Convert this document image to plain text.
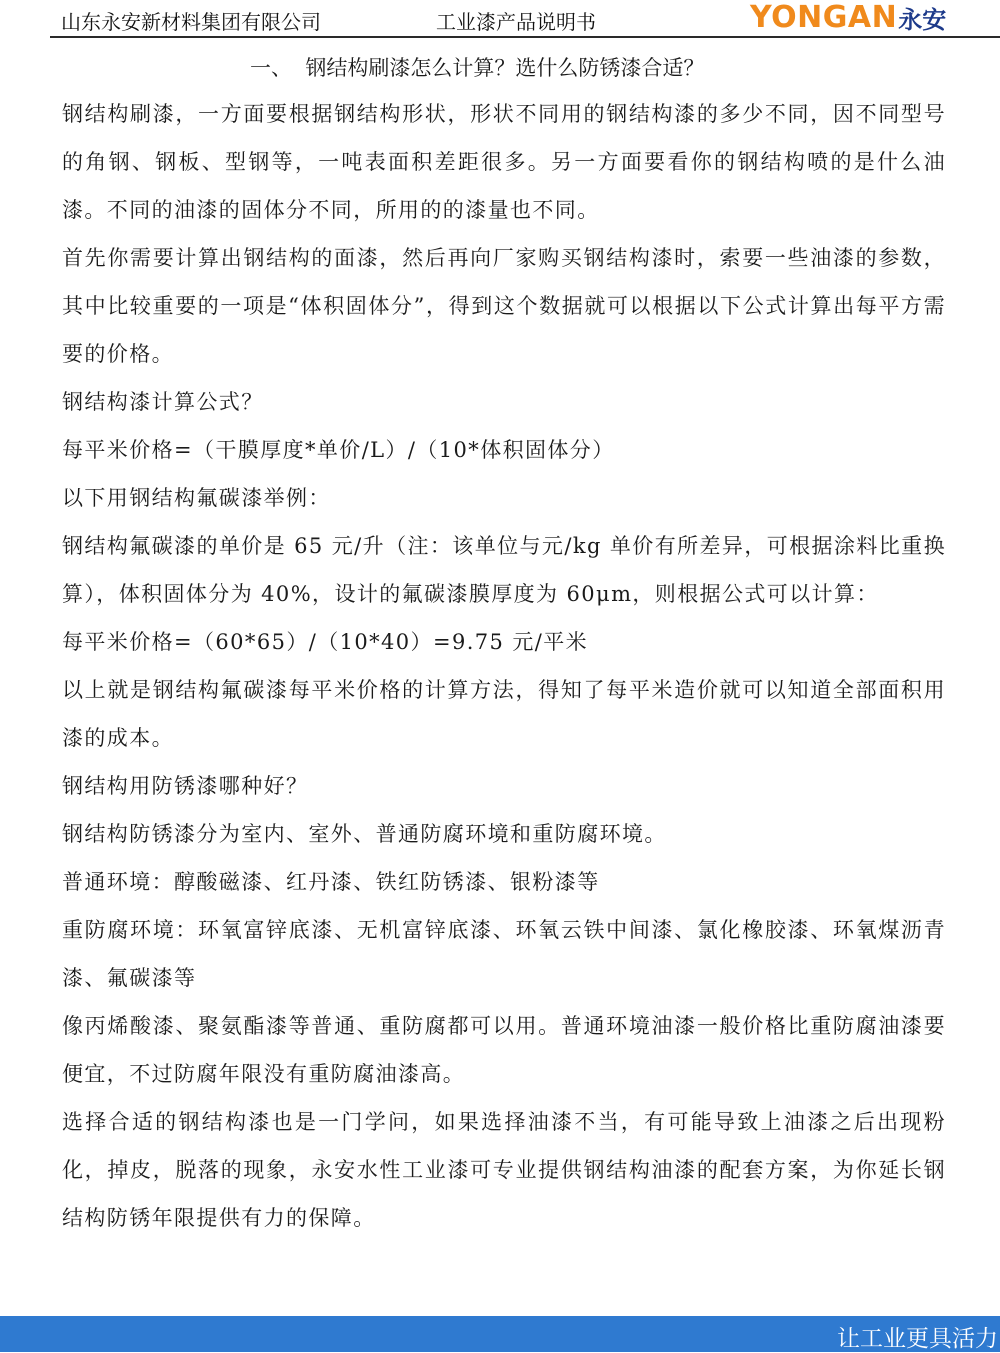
山东永安新材料集团有限公司	工业漆产品说明书	YONGAN 永安
一、  钢结构刷漆怎么计算？选什么防锈漆合适？

钢结构刷漆，一方面要根据钢结构形状，形状不同用的钢结构漆的多少不同，因不同型号的角钢、钢板、型钢等，一吨表面积差距很多。另一方面要看你的钢结构喷的是什么油漆。不同的油漆的固体分不同，所用的的漆量也不同。

首先你需要计算出钢结构的面漆，然后再向厂家购买钢结构漆时，索要一些油漆的参数，其中比较重要的一项是“体积固体分”，得到这个数据就可以根据以下公式计算出每平方需要的价格。

钢结构漆计算公式？

每平米价格=（干膜厚度*单价/L）/（10*体积固体分）

以下用钢结构氟碳漆举例：

钢结构氟碳漆的单价是 65 元/升（注：该单位与元/kg 单价有所差异，可根据涂料比重换算），体积固体分为 40%，设计的氟碳漆膜厚度为 60μm，则根据公式可以计算：

每平米价格=（60*65）/（10*40）=9.75 元/平米

以上就是钢结构氟碳漆每平米价格的计算方法，得知了每平米造价就可以知道全部面积用漆的成本。

钢结构用防锈漆哪种好？

钢结构防锈漆分为室内、室外、普通防腐环境和重防腐环境。

普通环境：醇酸磁漆、红丹漆、铁红防锈漆、银粉漆等

重防腐环境：环氧富锌底漆、无机富锌底漆、环氧云铁中间漆、氯化橡胶漆、环氧煤沥青漆、氟碳漆等

像丙烯酸漆、聚氨酯漆等普通、重防腐都可以用。普通环境油漆一般价格比重防腐油漆要便宜，不过防腐年限没有重防腐油漆高。

选择合适的钢结构漆也是一门学问，如果选择油漆不当，有可能导致上油漆之后出现粉化，掉皮，脱落的现象，永安水性工业漆可专业提供钢结构油漆的配套方案，为你延长钢结构防锈年限提供有力的保障。

让工业更具活力
